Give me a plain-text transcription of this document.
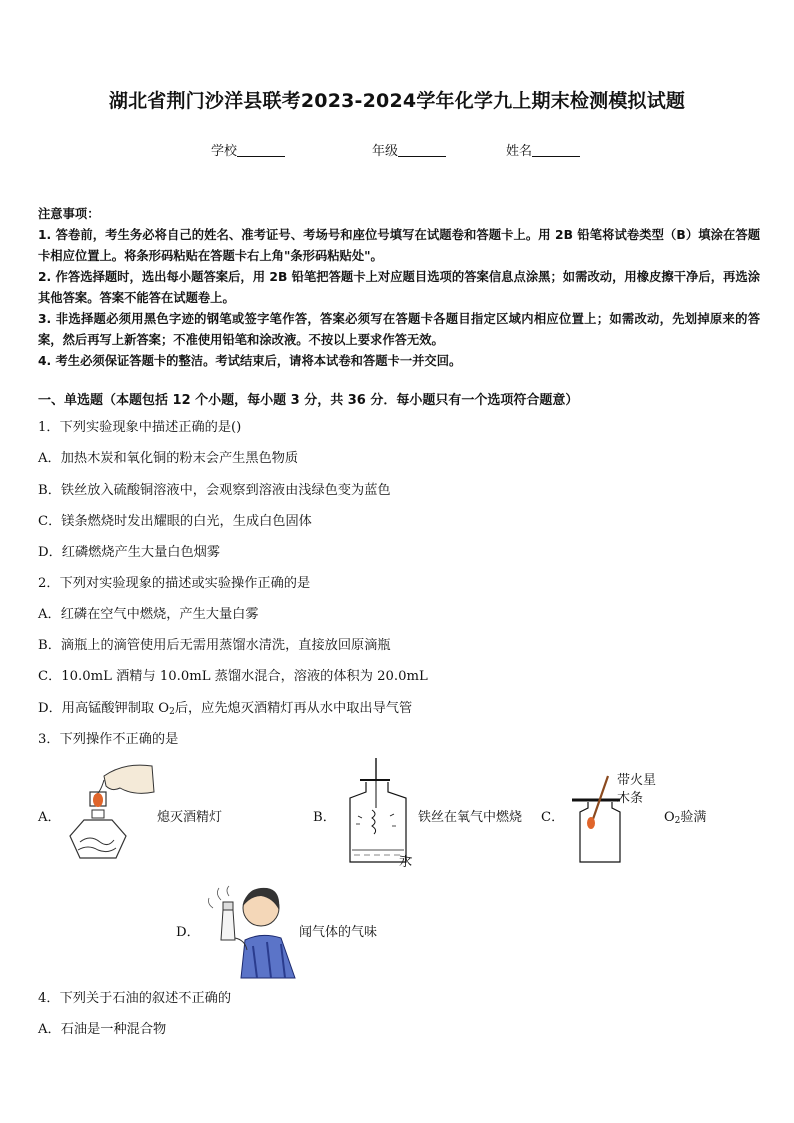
湖北省荆门沙洋县联考2023-2024学年化学九上期末检测模拟试题
学校	年级	姓名

注意事项：

1. 答卷前，考生务必将自己的姓名、准考证号、考场号和座位号填写在试题卷和答题卡上。用 2B 铅笔将试卷类型（B）填涂在答题卡相应位置上。将条形码粘贴在答题卡右上角"条形码粘贴处"。

2. 作答选择题时，选出每小题答案后，用 2B 铅笔把答题卡上对应题目选项的答案信息点涂黑；如需改动，用橡皮擦干净后，再选涂其他答案。答案不能答在试题卷上。

3. 非选择题必须用黑色字迹的钢笔或签字笔作答，答案必须写在答题卡各题目指定区域内相应位置上；如需改动，先划掉原来的答案，然后再写上新答案；不准使用铅笔和涂改液。不按以上要求作答无效。

4. 考生必须保证答题卡的整洁。考试结束后，请将本试卷和答题卡一并交回。

一、单选题（本题包括 12 个小题，每小题 3 分，共 36 分．每小题只有一个选项符合题意）
1．下列实验现象中描述正确的是()
A．加热木炭和氧化铜的粉末会产生黑色物质
B．铁丝放入硫酸铜溶液中，会观察到溶液由浅绿色变为蓝色
C．镁条燃烧时发出耀眼的白光，生成白色固体
D．红磷燃烧产生大量白色烟雾
2．下列对实验现象的描述或实验操作正确的是
A．红磷在空气中燃烧，产生大量白雾
B．滴瓶上的滴管使用后无需用蒸馏水清洗，直接放回原滴瓶
C．10.0mL 酒精与 10.0mL 蒸馏水混合，溶液的体积为 20.0mL
D．用高锰酸钾制取 $O_2$后，应先熄灭酒精灯再从水中取出导气管
3．下列操作不正确的是
A．	熄灭酒精灯	B．
水
铁丝在氧气中燃烧 C．
带火星
木条
$O_2$验满
D．	闻气体的气味
4．下列关于石油的叙述不正确的
A．石油是一种混合物
